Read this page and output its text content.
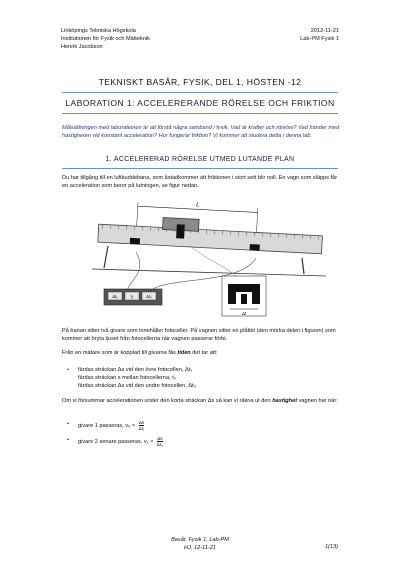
Linköpings Tekniska Högskola
Institutionen för Fysik och Mätteknik
Henrik Jacobson
2012-11-21
Lab-PM Fysik 1
TEKNISKT BASÅR, FYSIK, DEL 1, HÖSTEN -12
LABORATION 1: ACCELERERANDE RÖRELSE OCH FRIKTION
Målsättningen med laborationen är att förstå några samband i fysik. Vad är krafter och rörelse? Vad händer med hastigheten vid konstant acceleration? Hur fungerar friktion? Vi kommer att studera detta i denna lab.
1. ACCELERERAD RÖRELSE UTMED LUTANDE PLAN
Du har tillgång till en luftkuddebana, som åstadkommer att friktionen i stort sett blir noll. En vagn som släpps får en acceleration som beror på lutningen, se figur nedan.
L
Δt₁	t₂	Δt₃
Δt
På banan sitter två givare som innehåller fotoceller. På vagnen sitter en plåtbit (den mörka delen i figuren) som kommer att bryta ljuset från fotocellerna när vagnen passerar förbi.
Från en mätare som är kopplad till givarna fås tiden det tar att:
• färdas sträckan Δs vid den övre fotocellen, Δt₁
färdas sträckan s mellan fotocellerna, t₂
färdas sträckan Δs vid den undre fotocellen, Δt₃
Om vi försummar accelerationen under den korta sträckan Δs så kan vi räkna ut den hastighet vagnen har när:
• givare 1 passeras, $v_0 \approx \frac{\Delta s}{\text{Δt₁}}$
• givare 2 senare passeras, $v_1 \approx \frac{\Delta s}{\text{Δt₃}}$
Basår, Fysik 1, Lab-PM
HJ, 12-11-21	1(13)
